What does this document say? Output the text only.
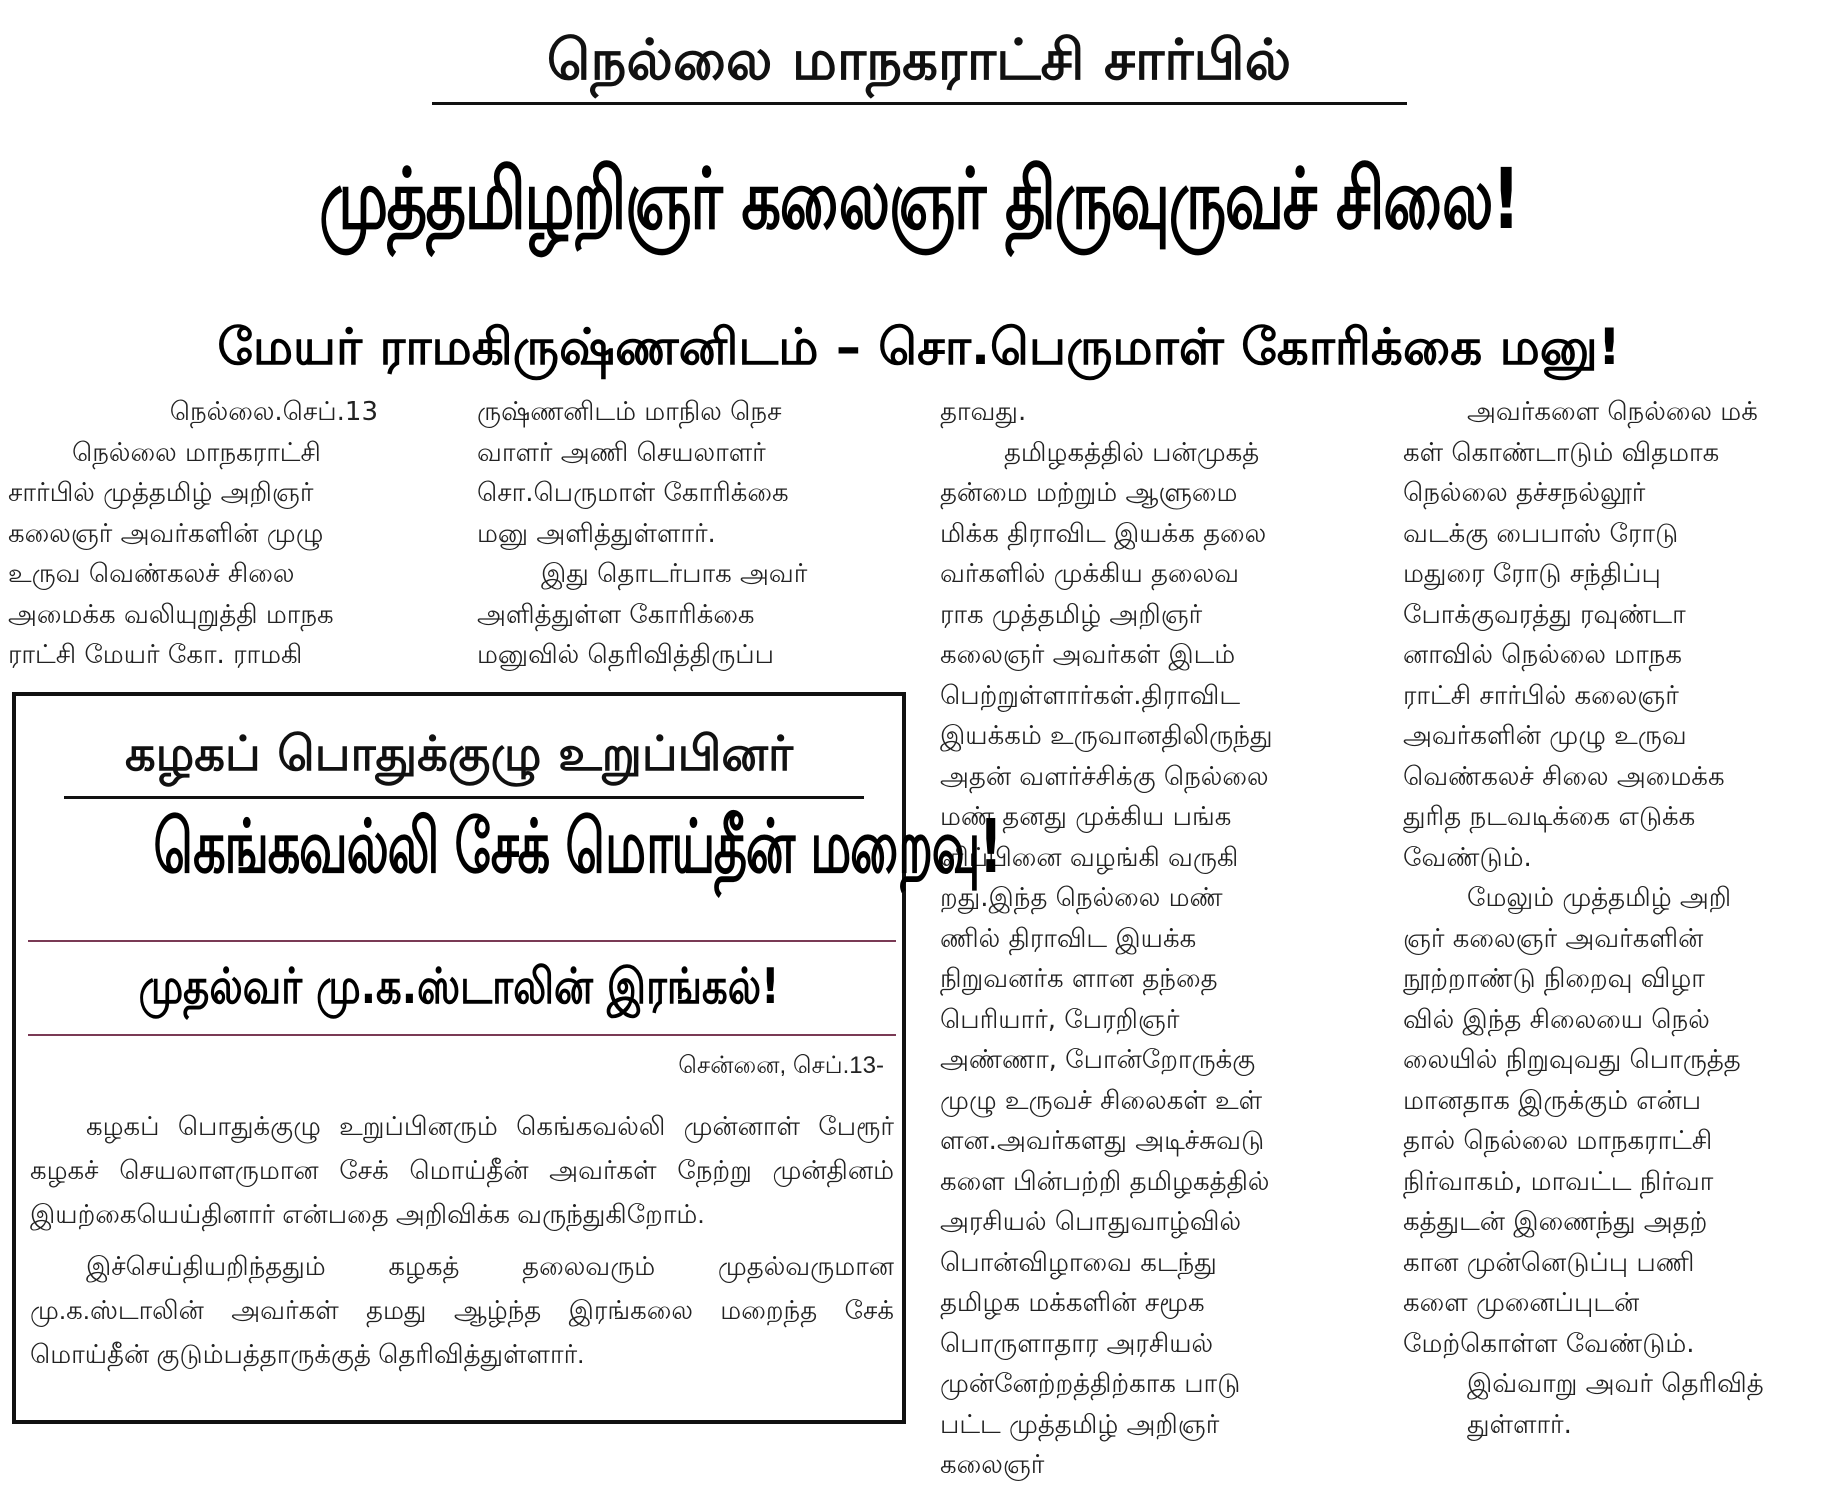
நெல்லை மாநகராட்சி சார்பில்
முத்தமிழறிஞர் கலைஞர் திருவுருவச் சிலை!
மேயர் ராமகிருஷ்ணனிடம் – சொ.பெருமாள் கோரிக்கை மனு!

நெல்லை.செப்.13

நெல்லை மாநகராட்சி

சார்பில் முத்தமிழ் அறிஞர்

கலைஞர் அவர்களின் முழு

உருவ வெண்கலச் சிலை

அமைக்க வலியுறுத்தி மாநக

ராட்சி மேயர் கோ. ராமகி

ருஷ்ணனிடம் மாநில நெச

வாளர் அணி செயலாளர்

சொ.பெருமாள் கோரிக்கை

மனு அளித்துள்ளார்.

இது தொடர்பாக அவர்

அளித்துள்ள கோரிக்கை

மனுவில் தெரிவித்திருப்ப

தாவது.

தமிழகத்தில் பன்முகத்

தன்மை மற்றும் ஆளுமை

மிக்க திராவிட இயக்க தலை

வர்களில் முக்கிய தலைவ

ராக முத்தமிழ் அறிஞர்

கலைஞர் அவர்கள் இடம்

பெற்றுள்ளார்கள்.திராவிட

இயக்கம் உருவானதிலிருந்து

அதன் வளர்ச்சிக்கு நெல்லை

மண் தனது முக்கிய பங்க

ளிப்பினை வழங்கி வருகி

றது.இந்த நெல்லை மண்

ணில் திராவிட இயக்க

நிறுவனர்க ளான தந்தை

பெரியார், பேரறிஞர்

அண்ணா, போன்றோருக்கு

முழு உருவச் சிலைகள் உள்

ளன.அவர்களது அடிச்சுவடு

களை பின்பற்றி தமிழகத்தில்

அரசியல் பொதுவாழ்வில்

பொன்விழாவை கடந்து

தமிழக மக்களின் சமூக

பொருளாதார அரசியல்

முன்னேற்றத்திற்காக பாடு

பட்ட முத்தமிழ் அறிஞர்

கலைஞர்

அவர்களை நெல்லை மக்

கள் கொண்டாடும் விதமாக

நெல்லை தச்சநல்லூர்

வடக்கு பைபாஸ் ரோடு

மதுரை ரோடு சந்திப்பு

போக்குவரத்து ரவுண்டா

னாவில் நெல்லை மாநக

ராட்சி சார்பில் கலைஞர்

அவர்களின் முழு உருவ

வெண்கலச் சிலை அமைக்க

துரித நடவடிக்கை எடுக்க

வேண்டும்.

மேலும் முத்தமிழ் அறி

ஞர் கலைஞர் அவர்களின்

நூற்றாண்டு நிறைவு விழா

வில் இந்த சிலையை நெல்

லையில் நிறுவுவது பொருத்த

மானதாக இருக்கும் என்ப

தால் நெல்லை மாநகராட்சி

நிர்வாகம், மாவட்ட நிர்வா

கத்துடன் இணைந்து அதற்

கான முன்னெடுப்பு பணி

களை முனைப்புடன்

மேற்கொள்ள வேண்டும்.

இவ்வாறு அவர் தெரிவித்

துள்ளார்.

கழகப் பொதுக்குழு உறுப்பினர்
கெங்கவல்லி சேக் மொய்தீன் மறைவு!
முதல்வர் மு.க.ஸ்டாலின் இரங்கல்!
சென்னை, செப்.13-

கழகப் பொதுக்குழு உறுப்பினரும் கெங்கவல்லி முன்னாள் பேரூர் கழகச் செயலாளருமான சேக் மொய்தீன் அவர்கள் நேற்று முன்தினம் இயற்கையெய்தினார் என்பதை அறிவிக்க வருந்துகிறோம்.

இச்செய்தியறிந்ததும் கழகத் தலைவரும் முதல்வருமான மு.க.ஸ்டாலின் அவர்கள் தமது ஆழ்ந்த இரங்கலை மறைந்த சேக் மொய்தீன் குடும்பத்தாருக்குத் தெரிவித்துள்ளார்.
